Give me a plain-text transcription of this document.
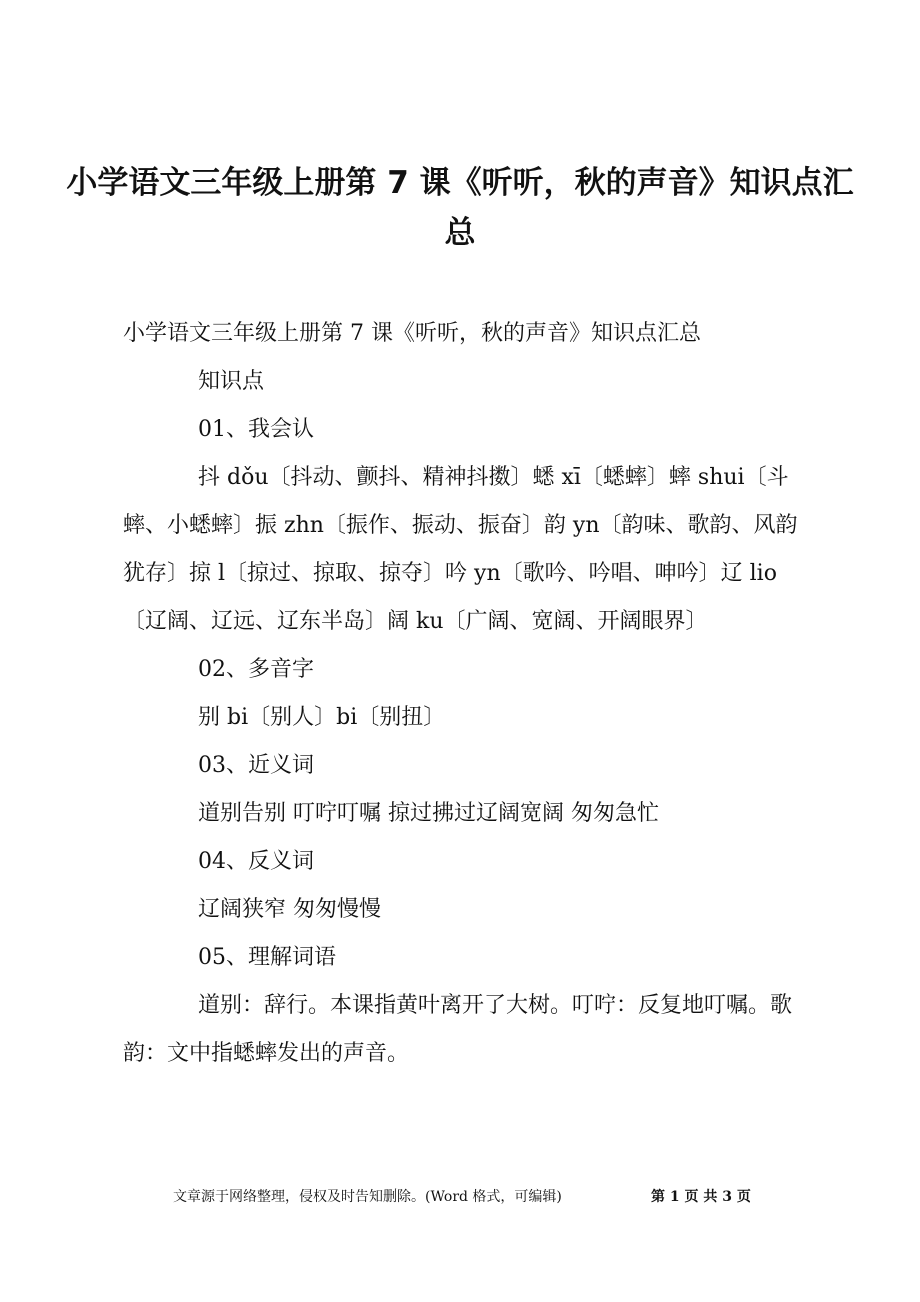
小学语文三年级上册第 7 课《听听，秋的声音》知识点汇总

小学语文三年级上册第 7 课《听听，秋的声音》知识点汇总

知识点

01、我会认

抖 dǒu〔抖动、颤抖、精神抖擞〕蟋 xī〔蟋蟀〕蟀 shui〔斗蟀、小蟋蟀〕振 zhn〔振作、振动、振奋〕韵 yn〔韵味、歌韵、风韵犹存〕掠 l〔掠过、掠取、掠夺〕吟 yn〔歌吟、吟唱、呻吟〕辽 lio〔辽阔、辽远、辽东半岛〕阔 ku〔广阔、宽阔、开阔眼界〕

02、多音字

别 bi〔别人〕bi〔别扭〕

03、近义词

道别告别 叮咛叮嘱 掠过拂过辽阔宽阔 匆匆急忙

04、反义词

辽阔狭窄 匆匆慢慢

05、理解词语

道别：辞行。本课指黄叶离开了大树。叮咛：反复地叮嘱。歌韵：文中指蟋蟀发出的声音。

文章源于网络整理，侵权及时告知删除。(Word 格式，可编辑)	第 1 页 共 3 页
